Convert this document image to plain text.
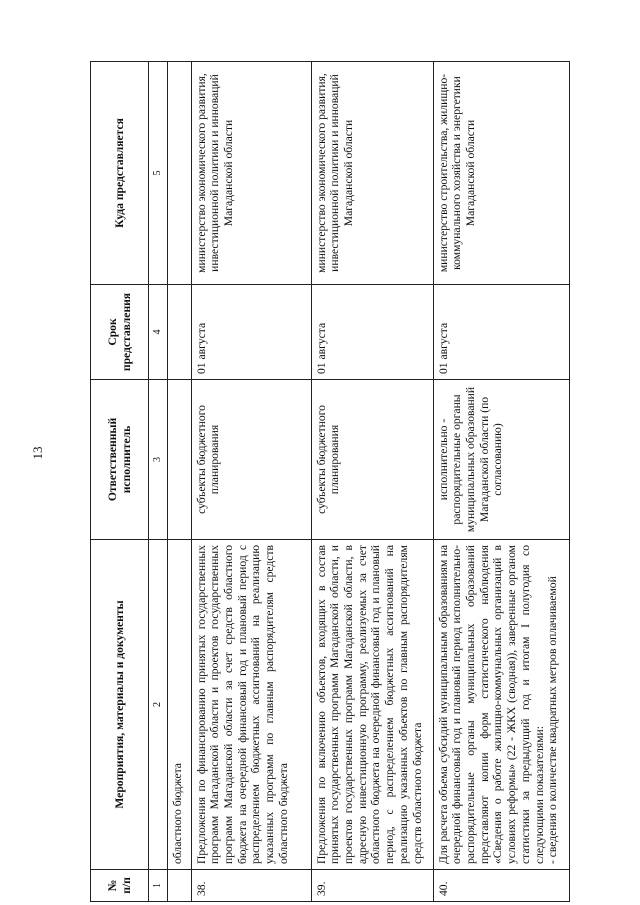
13
№
п/п	Мероприятия, материалы и документы	Ответственный исполнитель	Срок представления	Куда представляется
1	2	3	4	5
	областного бюджета			
38.	Предложения по финансированию принятых государственных программ Магаданской области и проектов государственных программ Магаданской области за счет средств областного бюджета на очередной финансовый год и плановый период с распределением бюджетных ассигнований на реализацию указанных программ по главным распорядителям средств областного бюджета	субъекты бюджетного планирования	01 августа	министерство экономического развития, инвестиционной политики и инноваций Магаданской области
39.	Предложения по включению объектов, входящих в состав принятых государственных программ Магаданской области, и проектов государственных программ Магаданской области, в адресную инвестиционную программу, реализуемых за счет областного бюджета на очередной финансовый год и плановый период, с распределением бюджетных ассигнований на реализацию указанных объектов по главным распорядителям средств областного бюджета	субъекты бюджетного планирования	01 августа	министерство экономического развития, инвестиционной политики и инноваций Магаданской области
40.	Для расчета объема субсидий муниципальным образованиям на очередной финансовый год и плановый период исполнительно-распорядительные органы муниципальных образований представляют копии форм статистического наблюдения «Сведения о работе жилищно-коммунальных организаций в условиях реформы» (22 - ЖКХ (сводная)), заверенные органом статистики за предыдущий год и итогам I полугодия со следующими показателями: - сведения о количестве квадратных метров оплачиваемой	исполнительно - распорядительные органы муниципальных образований Магаданской области (по согласованию)	01 августа	министерство строительства, жилищно-коммунального хозяйства и энергетики Магаданской области
